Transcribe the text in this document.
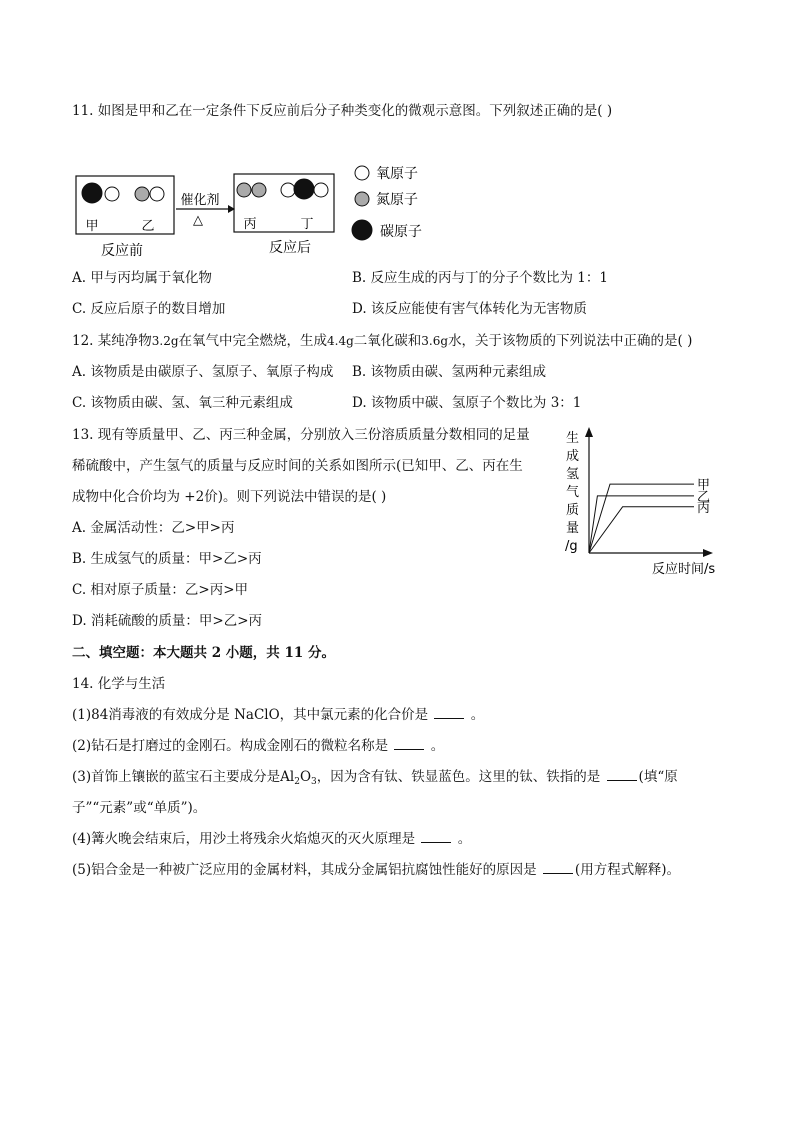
11. 如图是甲和乙在一定条件下反应前后分子种类变化的微观示意图。下列叙述正确的是( )
甲	乙
反应前
催化剂
△	丙	丁
反应后
氧原子
氮原子
碳原子
A. 甲与丙均属于氧化物	B. 反应生成的丙与丁的分子个数比为 1：1
C. 反应后原子的数目增加	D. 该反应能使有害气体转化为无害物质
12. 某纯净物3.2g在氧气中完全燃烧，生成4.4g二氧化碳和3.6g水，关于该物质的下列说法中正确的是( )
A. 该物质是由碳原子、氢原子、氧原子构成 B. 该物质由碳、氢两种元素组成
C. 该物质由碳、氢、氧三种元素组成	D. 该物质中碳、氢原子个数比为 3：1
13. 现有等质量甲、乙、丙三种金属，分别放入三份溶质质量分数相同的足量
稀硫酸中，产生氢气的质量与反应时间的关系如图所示(已知甲、乙、丙在生
成物中化合价均为 +2价)。则下列说法中错误的是( )
A. 金属活动性：乙>甲>丙
B. 生成氢气的质量：甲>乙>丙
C. 相对原子质量：乙>丙>甲
D. 消耗硫酸的质量：甲>乙>丙
生
成
氢
气
质
量
/g
甲
乙
丙
反应时间/s
二、填空题：本大题共 2 小题，共 11 分。
14. 化学与生活
(1)84消毒液的有效成分是 NaClO，其中氯元素的化合价是	。
(2)钻石是打磨过的金刚石。构成金刚石的微粒名称是	。
(3)首饰上镶嵌的蓝宝石主要成分是$Al_2O_3$，因为含有钛、铁显蓝色。这里的钛、铁指的是	(填“原
子”“元素”或“单质”)。
(4)篝火晚会结束后，用沙土将残余火焰熄灭的灭火原理是	。
(5)铝合金是一种被广泛应用的金属材料，其成分金属铝抗腐蚀性能好的原因是	(用方程式解释)。
